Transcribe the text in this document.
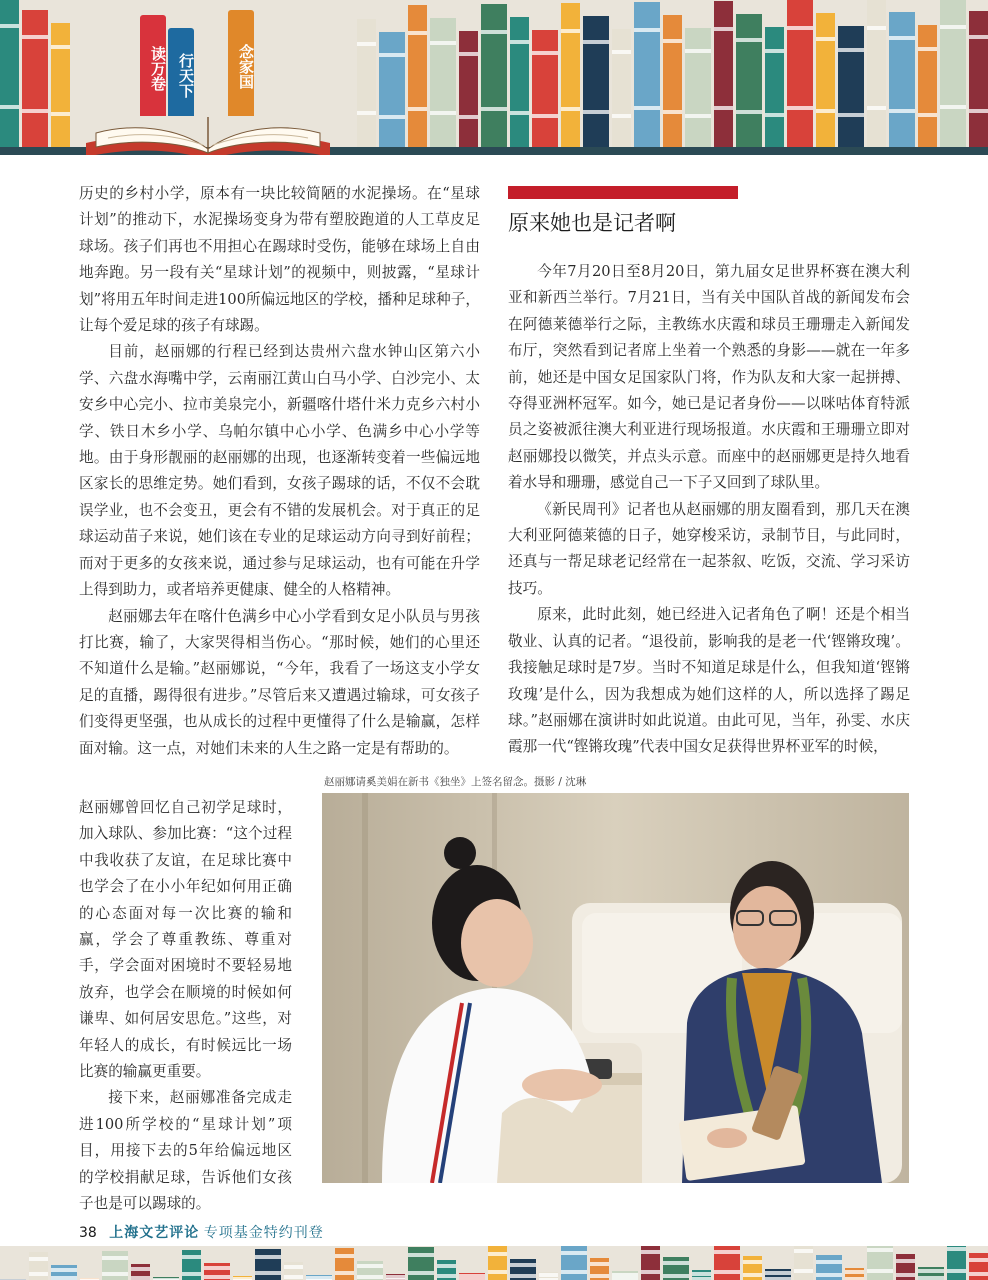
读万卷 行天下	念家国

历史的乡村小学，原本有一块比较简陋的水泥操场。在“星球计划”的推动下，水泥操场变身为带有塑胶跑道的人工草皮足球场。孩子们再也不用担心在踢球时受伤，能够在球场上自由地奔跑。另一段有关“星球计划”的视频中，则披露，“星球计划”将用五年时间走进100所偏远地区的学校，播种足球种子，让每个爱足球的孩子有球踢。

目前，赵丽娜的行程已经到达贵州六盘水钟山区第六小学、六盘水海嘴中学，云南丽江黄山白马小学、白沙完小、太安乡中心完小、拉市美泉完小，新疆喀什塔什米力克乡六村小学、铁日木乡小学、乌帕尔镇中心小学、色满乡中心小学等地。由于身形靓丽的赵丽娜的出现，也逐渐转变着一些偏远地区家长的思维定势。她们看到，女孩子踢球的话，不仅不会耽误学业，也不会变丑，更会有不错的发展机会。对于真正的足球运动苗子来说，她们该在专业的足球运动方向寻到好前程；而对于更多的女孩来说，通过参与足球运动，也有可能在升学上得到助力，或者培养更健康、健全的人格精神。

赵丽娜去年在喀什色满乡中心小学看到女足小队员与男孩打比赛，输了，大家哭得相当伤心。“那时候，她们的心里还不知道什么是输。”赵丽娜说，“今年，我看了一场这支小学女足的直播，踢得很有进步。”尽管后来又遭遇过输球，可女孩子们变得更坚强，也从成长的过程中更懂得了什么是输赢，怎样面对输。这一点，对她们未来的人生之路一定是有帮助的。

赵丽娜曾回忆自己初学足球时，加入球队、参加比赛：“这个过程中我收获了友谊，在足球比赛中也学会了在小小年纪如何用正确的心态面对每一次比赛的输和赢，学会了尊重教练、尊重对手，学会面对困境时不要轻易地放弃，也学会在顺境的时候如何谦卑、如何居安思危。”这些，对年轻人的成长，有时候远比一场比赛的输赢更重要。

接下来，赵丽娜准备完成走进100所学校的“星球计划”项目，用接下去的5年给偏远地区的学校捐献足球，告诉他们女孩子也是可以踢球的。

原来她也是记者啊

今年7月20日至8月20日，第九届女足世界杯赛在澳大利亚和新西兰举行。7月21日，当有关中国队首战的新闻发布会在阿德莱德举行之际，主教练水庆霞和球员王珊珊走入新闻发布厅，突然看到记者席上坐着一个熟悉的身影——就在一年多前，她还是中国女足国家队门将，作为队友和大家一起拼搏、夺得亚洲杯冠军。如今，她已是记者身份——以咪咕体育特派员之姿被派往澳大利亚进行现场报道。水庆霞和王珊珊立即对赵丽娜投以微笑，并点头示意。而座中的赵丽娜更是持久地看着水导和珊珊，感觉自己一下子又回到了球队里。

《新民周刊》记者也从赵丽娜的朋友圈看到，那几天在澳大利亚阿德莱德的日子，她穿梭采访，录制节目，与此同时，还真与一帮足球老记经常在一起茶叙、吃饭，交流、学习采访技巧。

原来，此时此刻，她已经进入记者角色了啊！还是个相当敬业、认真的记者。“退役前，影响我的是老一代‘铿锵玫瑰’。我接触足球时是7岁。当时不知道足球是什么，但我知道‘铿锵玫瑰’是什么，因为我想成为她们这样的人，所以选择了踢足球。”赵丽娜在演讲时如此说道。由此可见，当年，孙雯、水庆霞那一代“铿锵玫瑰”代表中国女足获得世界杯亚军的时候，

赵丽娜请奚美娟在新书《独坐》上签名留念。摄影 / 沈琳
38 上海文艺评论 专项基金特约刊登
